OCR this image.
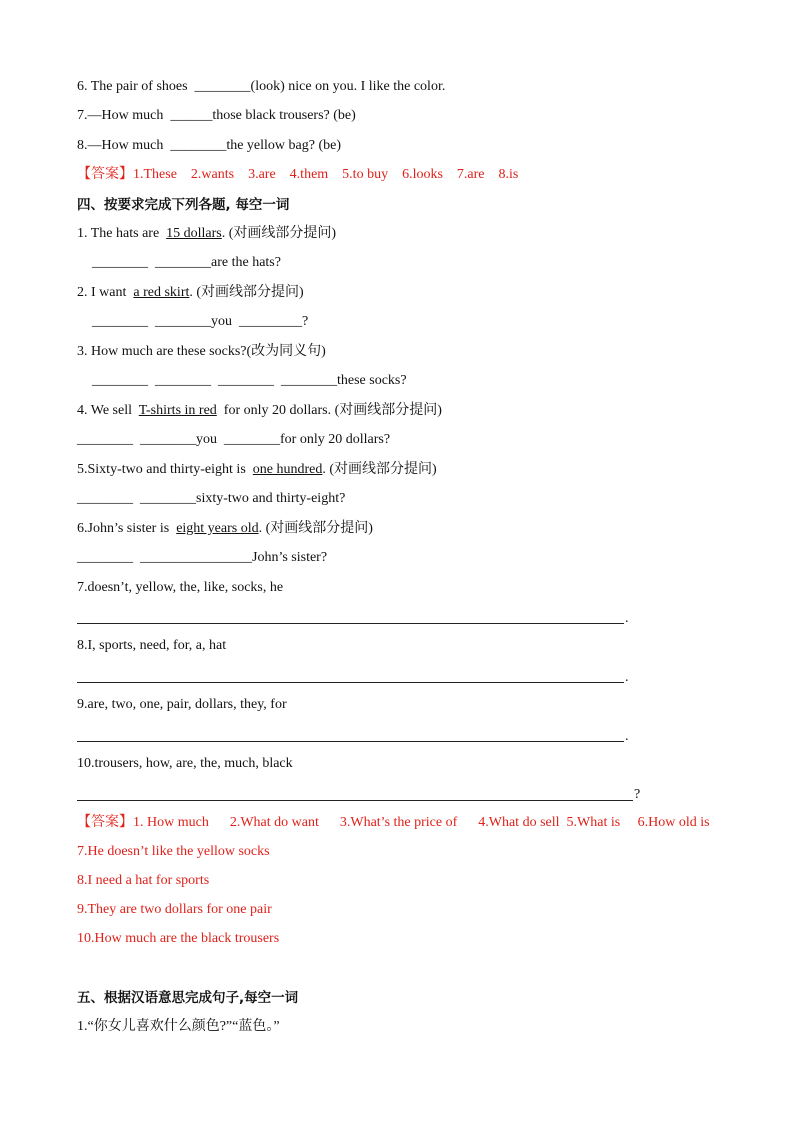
6. The pair of shoes  ________(look) nice on you. I like the color.
7.—How much  ______those black trousers? (be)
8.—How much  ________the yellow bag? (be)
【答案】1.These    2.wants    3.are    4.them    5.to buy    6.looks    7.are    8.is
四、按要求完成下列各题, 每空一词
1. The hats are  15 dollars. (对画线部分提问)
________  ________are the hats?
2. I want  a red skirt. (对画线部分提问)
________  ________you  _________?
3. How much are these socks?(改为同义句)
________  ________  ________  ________these socks?
4. We sell  T-shirts in red  for only 20 dollars. (对画线部分提问)
________  ________you  ________for only 20 dollars?
5.Sixty-two and thirty-eight is  one hundred. (对画线部分提问)
________  ________sixty-two and thirty-eight?
6.John’s sister is  eight years old. (对画线部分提问)
________  ________________John’s sister?
7.doesn’t, yellow, the, like, socks, he
.
8.I, sports, need, for, a, hat
.
9.are, two, one, pair, dollars, they, for
.
10.trousers, how, are, the, much, black
?
【答案】1. How much      2.What do want      3.What’s the price of      4.What do sell  5.What is     6.How old is
7.He doesn’t like the yellow socks
8.I need a hat for sports
9.They are two dollars for one pair
10.How much are the black trousers
五、根据汉语意思完成句子,每空一词
1.“你女儿喜欢什么颜色?”“蓝色。”
